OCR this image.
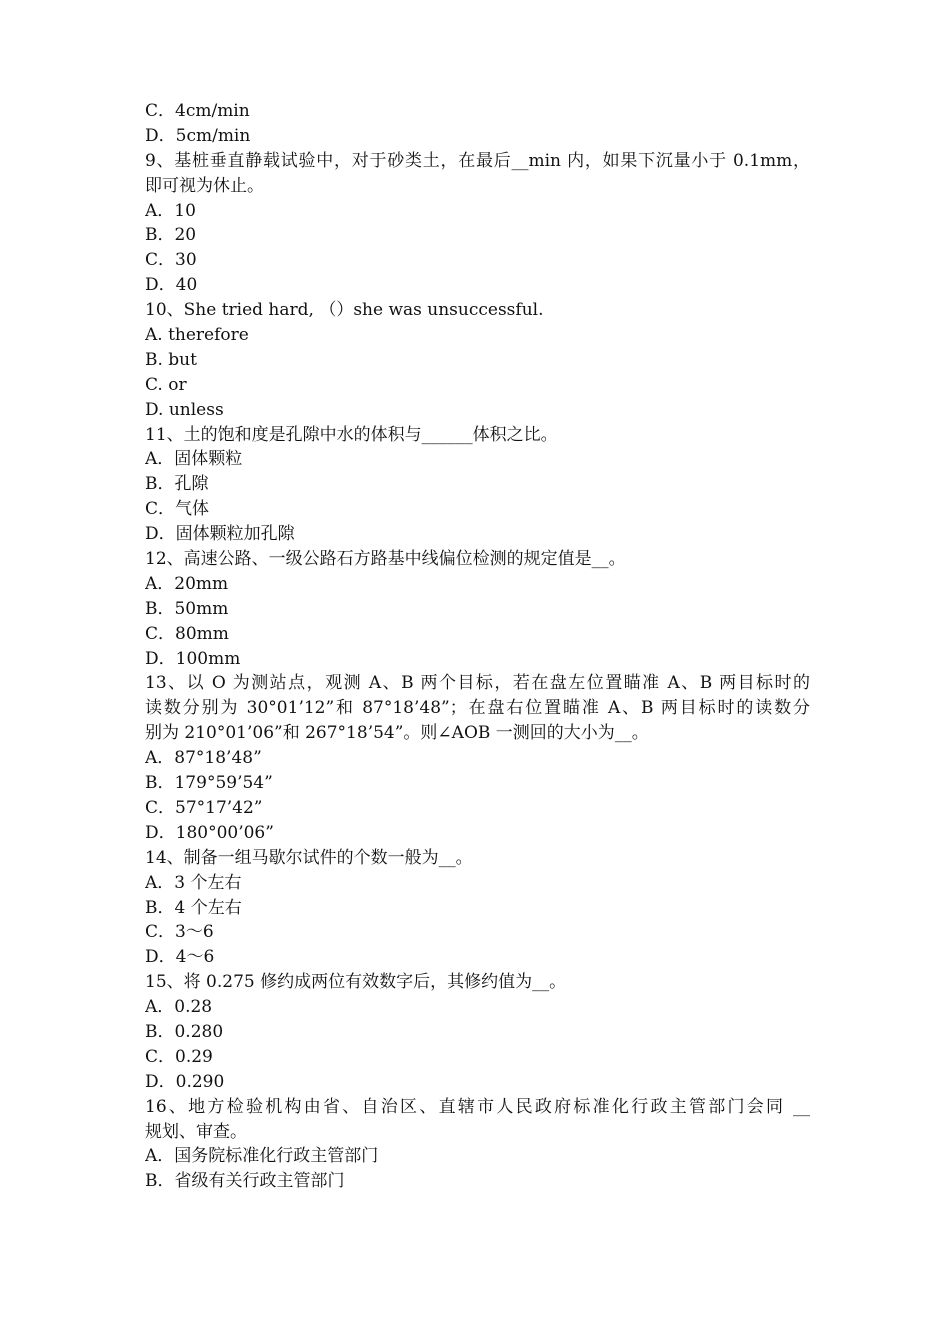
C．4cm/min
D．5cm/min
9、基桩垂直静载试验中，对于砂类土，在最后__min 内，如果下沉量小于 0.1mm，
即可视为休止。
A．10
B．20
C．30
D．40
10、She tried hard, （）she was unsuccessful.
A. therefore
B. but
C. or
D. unless
11、土的饱和度是孔隙中水的体积与______体积之比。
A．固体颗粒
B．孔隙
C．气体
D．固体颗粒加孔隙
12、高速公路、一级公路石方路基中线偏位检测的规定值是__。
A．20mm
B．50mm
C．80mm
D．100mm
13、以 O 为测站点，观测 A、B 两个目标，若在盘左位置瞄准 A、B 两目标时的
读数分别为 30°01’12”和 87°18’48”；在盘右位置瞄准 A、B 两目标时的读数分
别为 210°01’06”和 267°18’54”。则∠AOB 一测回的大小为__。
A．87°18’48”
B．179°59’54”
C．57°17’42”
D．180°00’06”
14、制备一组马歇尔试件的个数一般为__。
A．3 个左右
B．4 个左右
C．3～6
D．4～6
15、将 0.275 修约成两位有效数字后，其修约值为__。
A．0.28
B．0.280
C．0.29
D．0.290
16、地方检验机构由省、自治区、直辖市人民政府标准化行政主管部门会同 __
规划、审查。
A．国务院标准化行政主管部门
B．省级有关行政主管部门
